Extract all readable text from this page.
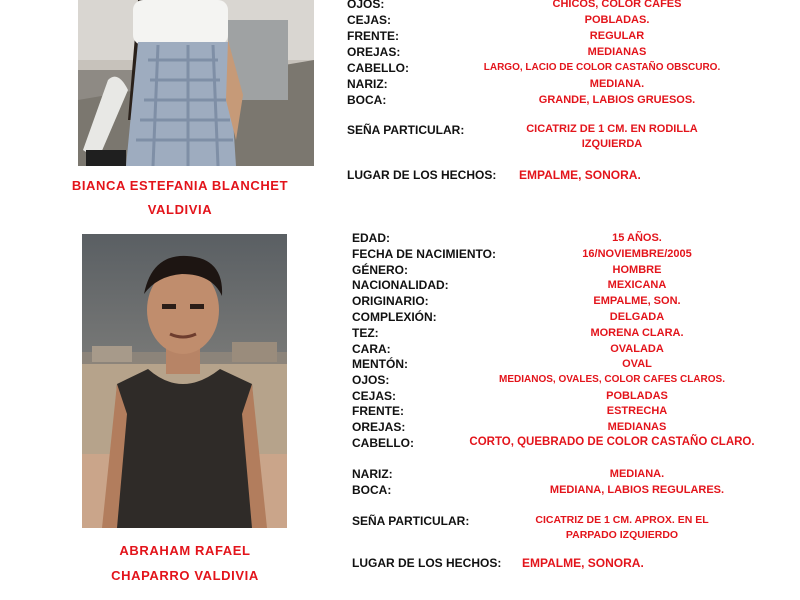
BIANCA ESTEFANIA BLANCHET
VALDIVIA
ABRAHAM RAFAEL
CHAPARRO VALDIVIA
OJOS:	CHICOS, COLOR CAFES
CEJAS:	POBLADAS.
FRENTE:	REGULAR
OREJAS:	MEDIANAS
CABELLO:	LARGO, LACIO DE COLOR CASTAÑO OBSCURO.
NARIZ:	MEDIANA.
BOCA:	GRANDE, LABIOS GRUESOS.
SEÑA PARTICULAR:	CICATRIZ DE 1 CM. EN RODILLA
IZQUIERDA
LUGAR DE LOS HECHOS: EMPALME, SONORA.
EDAD:	15 AÑOS.
FECHA DE NACIMIENTO:	16/NOVIEMBRE/2005
GÉNERO:	HOMBRE
NACIONALIDAD:	MEXICANA
ORIGINARIO:	EMPALME, SON.
COMPLEXIÓN:	DELGADA
TEZ:	MORENA CLARA.
CARA:	OVALADA
MENTÓN:	OVAL
OJOS:	MEDIANOS, OVALES, COLOR CAFES CLAROS.
CEJAS:	POBLADAS
FRENTE:	ESTRECHA
OREJAS:	MEDIANAS
CABELLO:	CORTO, QUEBRADO DE COLOR CASTAÑO CLARO.
NARIZ:	MEDIANA.
BOCA:	MEDIANA, LABIOS REGULARES.
SEÑA PARTICULAR:	CICATRIZ DE 1 CM. APROX. EN EL
PARPADO IZQUIERDO
LUGAR DE LOS HECHOS: EMPALME, SONORA.
